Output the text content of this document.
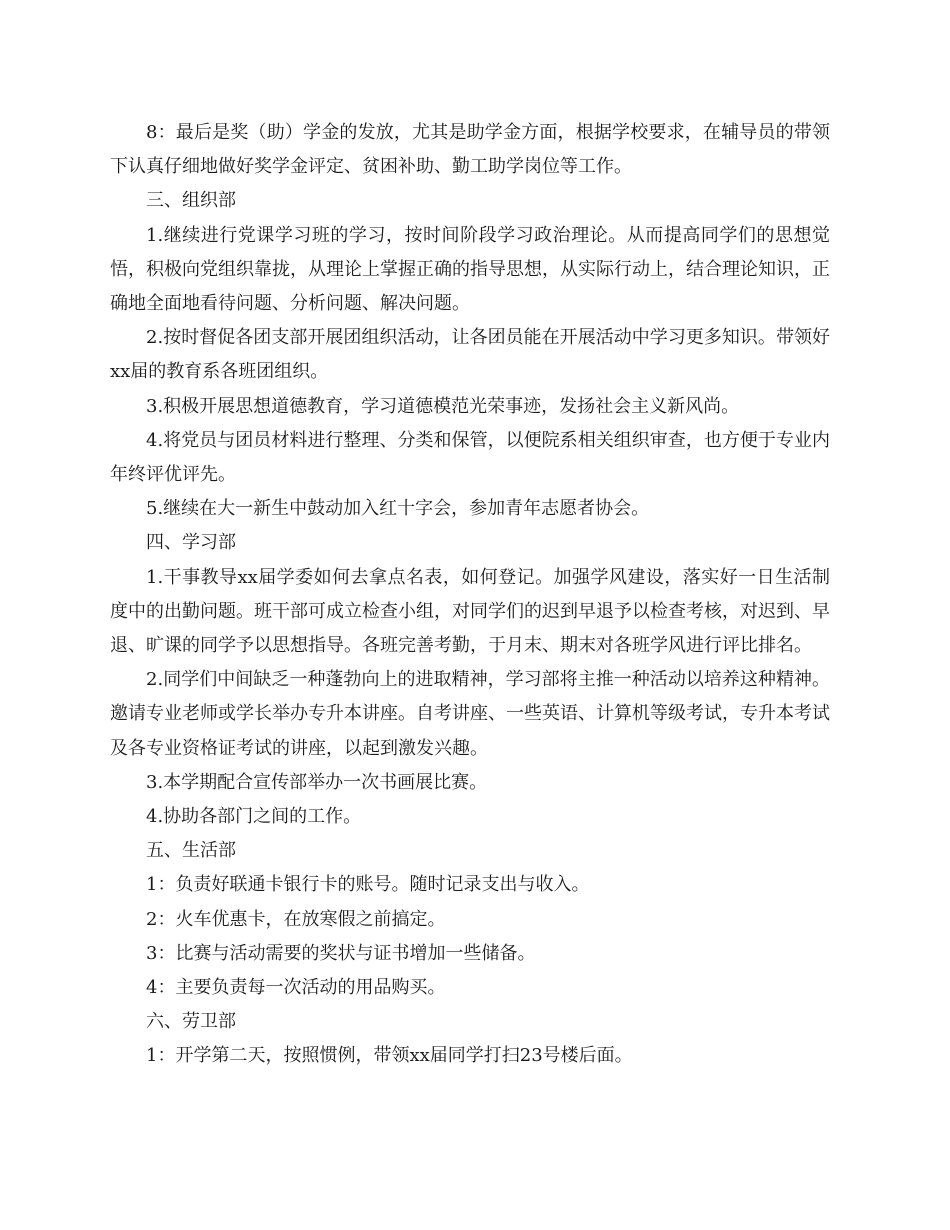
8：最后是奖（助）学金的发放，尤其是助学金方面，根据学校要求，在辅导员的带领下认真仔细地做好奖学金评定、贫困补助、勤工助学岗位等工作。

三、组织部

1.继续进行党课学习班的学习，按时间阶段学习政治理论。从而提高同学们的思想觉悟，积极向党组织靠拢，从理论上掌握正确的指导思想，从实际行动上，结合理论知识，正确地全面地看待问题、分析问题、解决问题。

2.按时督促各团支部开展团组织活动，让各团员能在开展活动中学习更多知识。带领好xx届的教育系各班团组织。

3.积极开展思想道德教育，学习道德模范光荣事迹，发扬社会主义新风尚。

4.将党员与团员材料进行整理、分类和保管，以便院系相关组织审查，也方便于专业内年终评优评先。

5.继续在大一新生中鼓动加入红十字会，参加青年志愿者协会。

四、学习部

1.干事教导xx届学委如何去拿点名表，如何登记。加强学风建设，落实好一日生活制度中的出勤问题。班干部可成立检查小组，对同学们的迟到早退予以检查考核，对迟到、早退、旷课的同学予以思想指导。各班完善考勤，于月末、期末对各班学风进行评比排名。

2.同学们中间缺乏一种蓬勃向上的进取精神，学习部将主推一种活动以培养这种精神。邀请专业老师或学长举办专升本讲座。自考讲座、一些英语、计算机等级考试，专升本考试及各专业资格证考试的讲座，以起到激发兴趣。

3.本学期配合宣传部举办一次书画展比赛。

4.协助各部门之间的工作。

五、生活部

1：负责好联通卡银行卡的账号。随时记录支出与收入。

2：火车优惠卡，在放寒假之前搞定。

3：比赛与活动需要的奖状与证书增加一些储备。

4：主要负责每一次活动的用品购买。

六、劳卫部

1：开学第二天，按照惯例，带领xx届同学打扫23号楼后面。
